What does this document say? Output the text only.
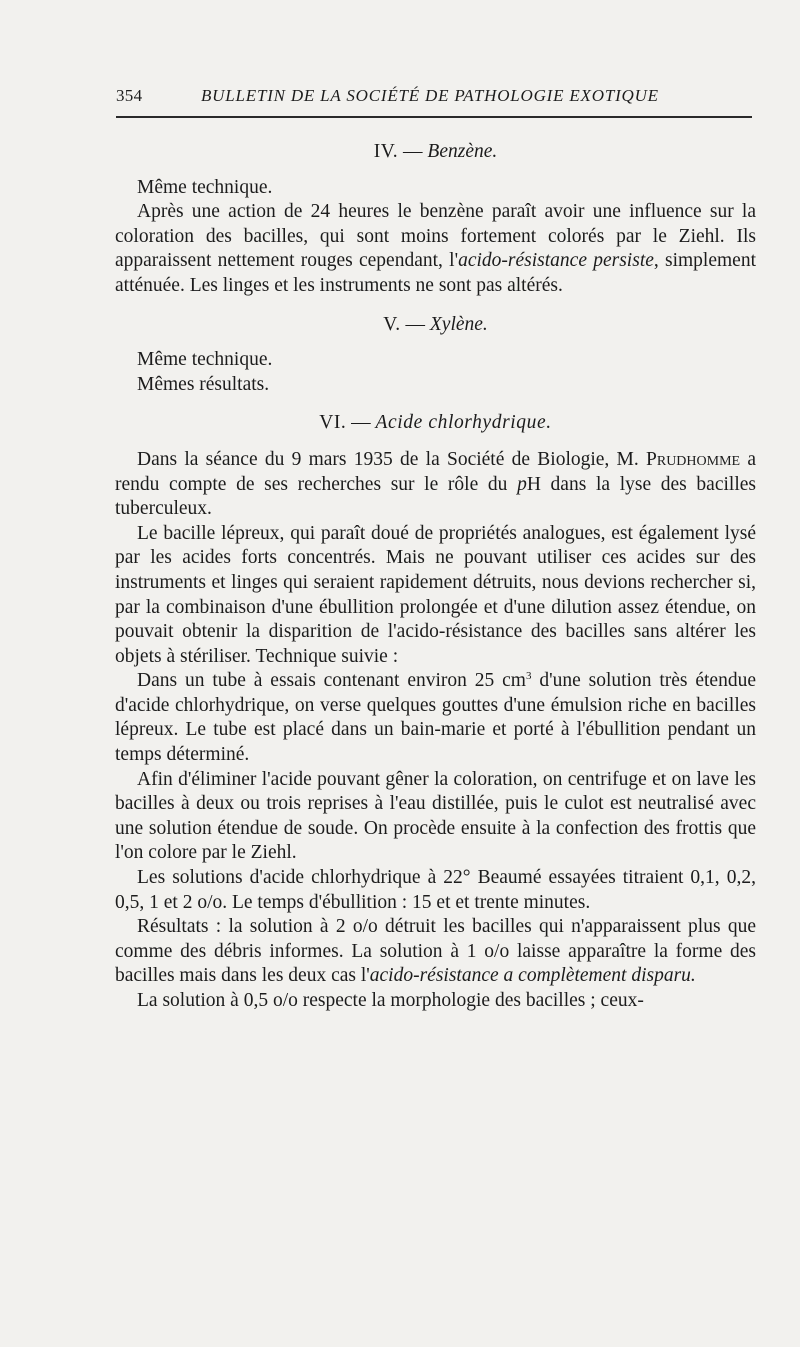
354	BULLETIN DE LA SOCIÉTÉ DE PATHOLOGIE EXOTIQUE

IV. — Benzène.

Même technique.

Après une action de 24 heures le benzène paraît avoir une influence sur la coloration des bacilles, qui sont moins fortement colorés par le Ziehl. Ils apparaissent nettement rouges cependant, l'acido-résistance persiste, simplement atténuée. Les linges et les instruments ne sont pas altérés.

V. — Xylène.

Même technique.

Mêmes résultats.

VI. — Acide chlorhydrique.

Dans la séance du 9 mars 1935 de la Société de Biologie, M. Prudhomme a rendu compte de ses recherches sur le rôle du pH dans la lyse des bacilles tuberculeux.

Le bacille lépreux, qui paraît doué de propriétés analogues, est également lysé par les acides forts concentrés. Mais ne pouvant utiliser ces acides sur des instruments et linges qui seraient rapidement détruits, nous devions rechercher si, par la combinaison d'une ébullition prolongée et d'une dilution assez étendue, on pouvait obtenir la disparition de l'acido-résistance des bacilles sans altérer les objets à stériliser. Technique suivie :

Dans un tube à essais contenant environ 25 $cm^3$ d'une solution très étendue d'acide chlorhydrique, on verse quelques gouttes d'une émulsion riche en bacilles lépreux. Le tube est placé dans un bain-marie et porté à l'ébullition pendant un temps déterminé.

Afin d'éliminer l'acide pouvant gêner la coloration, on centrifuge et on lave les bacilles à deux ou trois reprises à l'eau distillée, puis le culot est neutralisé avec une solution étendue de soude. On procède ensuite à la confection des frottis que l'on colore par le Ziehl.

Les solutions d'acide chlorhydrique à 22° Beaumé essayées titraient 0,1, 0,2, 0,5, 1 et 2 o/o. Le temps d'ébullition : 15 et et trente minutes.

Résultats : la solution à 2 o/o détruit les bacilles qui n'apparaissent plus que comme des débris informes. La solution à 1 o/o laisse apparaître la forme des bacilles mais dans les deux cas l'acido-résistance a complètement disparu.

La solution à 0,5 o/o respecte la morphologie des bacilles ; ceux-
